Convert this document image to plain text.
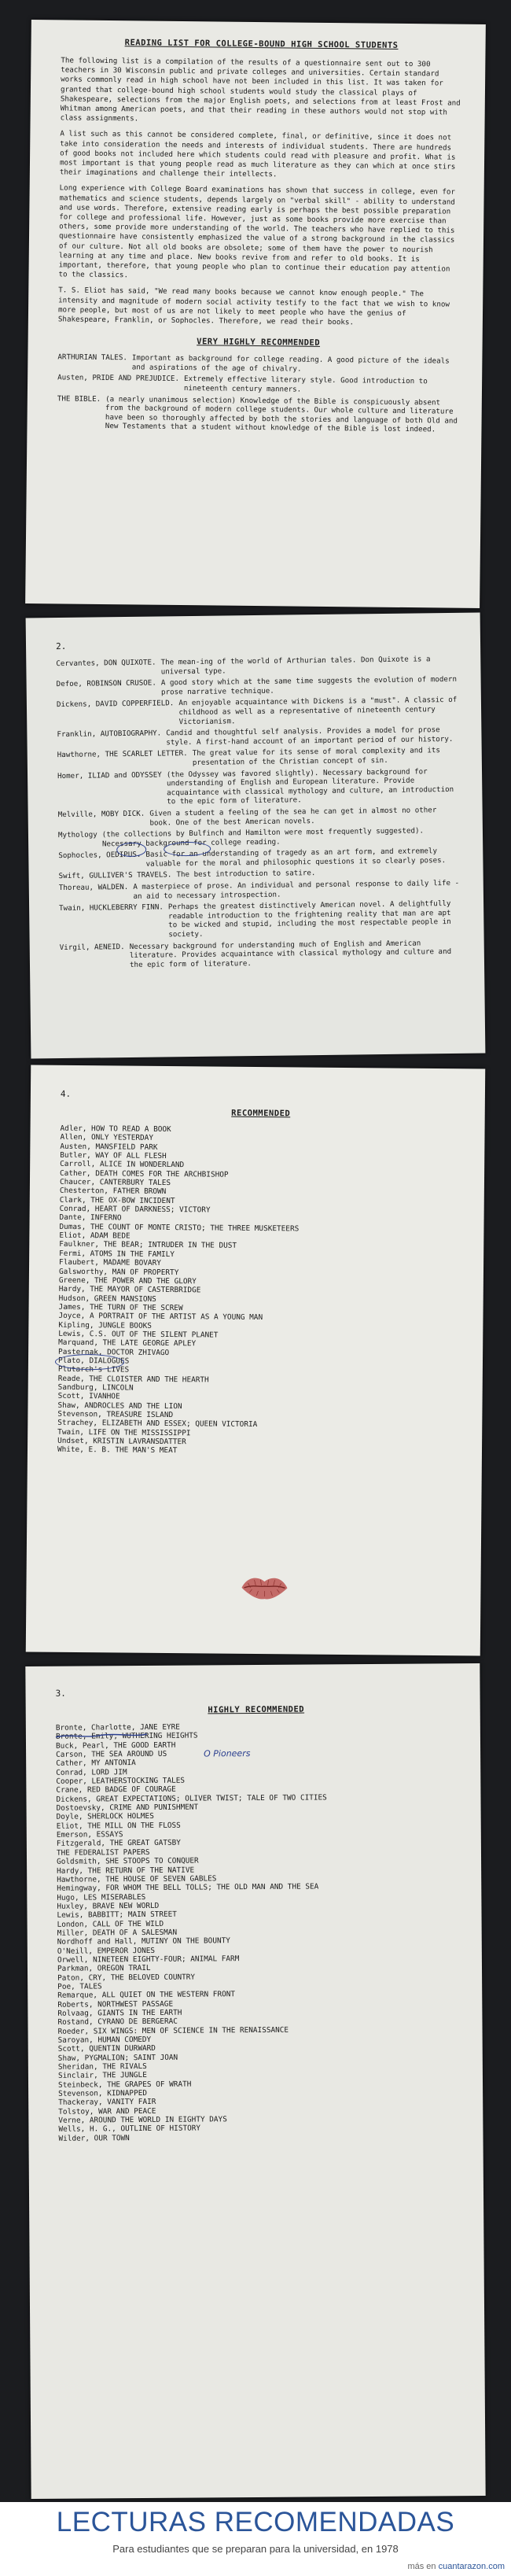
READING LIST FOR COLLEGE-BOUND HIGH SCHOOL STUDENTS

The following list is a compilation of the results of a questionnaire sent out to 300 teachers in 30 Wisconsin public and private colleges and universities. Certain standard works commonly read in high school have not been included in this list. It was taken for granted that college-bound high school students would study the classical plays of Shakespeare, selections from the major English poets, and selections from at least Frost and Whitman among American poets, and that their reading in these authors would not stop with class assignments.

A list such as this cannot be considered complete, final, or definitive, since it does not take into consideration the needs and interests of individual students. There are hundreds of good books not included here which students could read with pleasure and profit. What is most important is that young people read as much literature as they can which at once stirs their imaginations and challenge their intellects.

Long experience with College Board examinations has shown that success in college, even for mathematics and science students, depends largely on "verbal skill" - ability to understand and use words. Therefore, extensive reading early is perhaps the best possible preparation for college and professional life. However, just as some books provide more exercise than others, some provide more understanding of the world. The teachers who have replied to this questionnaire have consistently emphasized the value of a strong background in the classics of our culture. Not all old books are obsolete; some of them have the power to nourish learning at any time and place. New books revive from and refer to old books. It is important, therefore, that young people who plan to continue their education pay attention to the classics.

T. S. Eliot has said, "We read many books because we cannot know enough people." The intensity and magnitude of modern social activity testify to the fact that we wish to know more people, but most of us are not likely to meet people who have the genius of Shakespeare, Franklin, or Sophocles. Therefore, we read their books.

VERY HIGHLY RECOMMENDED

ARTHURIAN TALES. Important as background for college reading. A good picture of the ideals and aspirations of the age of chivalry.
Austen, PRIDE AND PREJUDICE. Extremely effective literary style. Good introduction to nineteenth century manners.
THE BIBLE. (a nearly unanimous selection) Knowledge of the Bible is conspicuously absent from the background of modern college students. Our whole culture and literature have been so thoroughly affected by both the stories and language of both Old and New Testaments that a student without knowledge of the Bible is lost indeed.

2.

Cervantes, DON QUIXOTE. The mean-ing of the world of Arthurian tales. Don Quixote is a universal type.
Defoe, ROBINSON CRUSOE. A good story which at the same time suggests the evolution of modern prose narrative technique.
Dickens, DAVID COPPERFIELD. An enjoyable acquaintance with Dickens is a "must". A classic of childhood as well as a representative of nineteenth century Victorianism.
Franklin, AUTOBIOGRAPHY. Candid and thoughtful self analysis. Provides a model for prose style. A first-hand account of an important period of our history.
Hawthorne, THE SCARLET LETTER. The great value for its sense of moral complexity and its presentation of the Christian concept of sin.
Homer, ILIAD and ODYSSEY (the Odyssey was favored slightly). Necessary background for understanding of English and European literature. Provide acquaintance with classical mythology and culture, an introduction to the epic form of literature.
Melville, MOBY DICK. Given a student a feeling of the sea he can get in almost no other book. One of the best American novels.
Mythology (the collections by Bulfinch and Hamilton were most frequently suggested). Necessary background for college reading.
Sophocles, OEDIPUS. Basic for an understanding of tragedy as an art form, and extremely valuable for the moral and philosophic questions it so clearly poses.
Swift, GULLIVER'S TRAVELS. The best introduction to satire.
Thoreau, WALDEN. A masterpiece of prose. An individual and personal response to daily life - an aid to necessary introspection.
Twain, HUCKLEBERRY FINN. Perhaps the greatest distinctively American novel. A delightfully readable introduction to the frightening reality that man are apt to be wicked and stupid, including the most respectable people in society.
Virgil, AENEID. Necessary background for understanding much of English and American literature. Provides acquaintance with classical mythology and culture and the epic form of literature.

4.

RECOMMENDED

Adler, HOW TO READ A BOOK
Allen, ONLY YESTERDAY
Austen, MANSFIELD PARK
Butler, WAY OF ALL FLESH
Carroll, ALICE IN WONDERLAND
Cather, DEATH COMES FOR THE ARCHBISHOP
Chaucer, CANTERBURY TALES
Chesterton, FATHER BROWN
Clark, THE OX-BOW INCIDENT
Conrad, HEART OF DARKNESS; VICTORY
Dante, INFERNO
Dumas, THE COUNT OF MONTE CRISTO; THE THREE MUSKETEERS
Eliot, ADAM BEDE
Faulkner, THE BEAR; INTRUDER IN THE DUST
Fermi, ATOMS IN THE FAMILY
Flaubert, MADAME BOVARY
Galsworthy, MAN OF PROPERTY
Greene, THE POWER AND THE GLORY
Hardy, THE MAYOR OF CASTERBRIDGE
Hudson, GREEN MANSIONS
James, THE TURN OF THE SCREW
Joyce, A PORTRAIT OF THE ARTIST AS A YOUNG MAN
Kipling, JUNGLE BOOKS
Lewis, C.S. OUT OF THE SILENT PLANET
Marquand, THE LATE GEORGE APLEY
Pasternak, DOCTOR ZHIVAGO
Plato, DIALOGUES
Plutarch's LIVES
Reade, THE CLOISTER AND THE HEARTH
Sandburg, LINCOLN
Scott, IVANHOE
Shaw, ANDROCLES AND THE LION
Stevenson, TREASURE ISLAND
Strachey, ELIZABETH AND ESSEX; QUEEN VICTORIA
Twain, LIFE ON THE MISSISSIPPI
Undset, KRISTIN LAVRANSDATTER
White, E. B. THE MAN'S MEAT

3.

HIGHLY RECOMMENDED

Bronte, Charlotte, JANE EYRE
Bronte, Emily, WUTHERING HEIGHTS
Buck, Pearl, THE GOOD EARTH
Carson, THE SEA AROUND US
Cather, MY ANTONIA
Conrad, LORD JIM
Cooper, LEATHERSTOCKING TALES
Crane, RED BADGE OF COURAGE
Dickens, GREAT EXPECTATIONS; OLIVER TWIST; TALE OF TWO CITIES
Dostoevsky, CRIME AND PUNISHMENT
Doyle, SHERLOCK HOLMES
Eliot, THE MILL ON THE FLOSS
Emerson, ESSAYS
Fitzgerald, THE GREAT GATSBY
THE FEDERALIST PAPERS
Goldsmith, SHE STOOPS TO CONQUER
Hardy, THE RETURN OF THE NATIVE
Hawthorne, THE HOUSE OF SEVEN GABLES
Hemingway, FOR WHOM THE BELL TOLLS; THE OLD MAN AND THE SEA
Hugo, LES MISERABLES
Huxley, BRAVE NEW WORLD
Lewis, BABBITT; MAIN STREET
London, CALL OF THE WILD
Miller, DEATH OF A SALESMAN
Nordhoff and Hall, MUTINY ON THE BOUNTY
O'Neill, EMPEROR JONES
Orwell, NINETEEN EIGHTY-FOUR; ANIMAL FARM
Parkman, OREGON TRAIL
Paton, CRY, THE BELOVED COUNTRY
Poe, TALES
Remarque, ALL QUIET ON THE WESTERN FRONT
Roberts, NORTHWEST PASSAGE
Rolvaag, GIANTS IN THE EARTH
Rostand, CYRANO DE BERGERAC
Roeder, SIX WINGS: MEN OF SCIENCE IN THE RENAISSANCE
Saroyan, HUMAN COMEDY
Scott, QUENTIN DURWARD
Shaw, PYGMALION; SAINT JOAN
Sheridan, THE RIVALS
Sinclair, THE JUNGLE
Steinbeck, THE GRAPES OF WRATH
Stevenson, KIDNAPPED
Thackeray, VANITY FAIR
Tolstoy, WAR AND PEACE
Verne, AROUND THE WORLD IN EIGHTY DAYS
Wells, H. G., OUTLINE OF HISTORY
Wilder, OUR TOWN
O Pioneers
LECTURAS RECOMENDADAS
Para estudiantes que se preparan para la universidad, en 1978
más en cuantarazon.com
